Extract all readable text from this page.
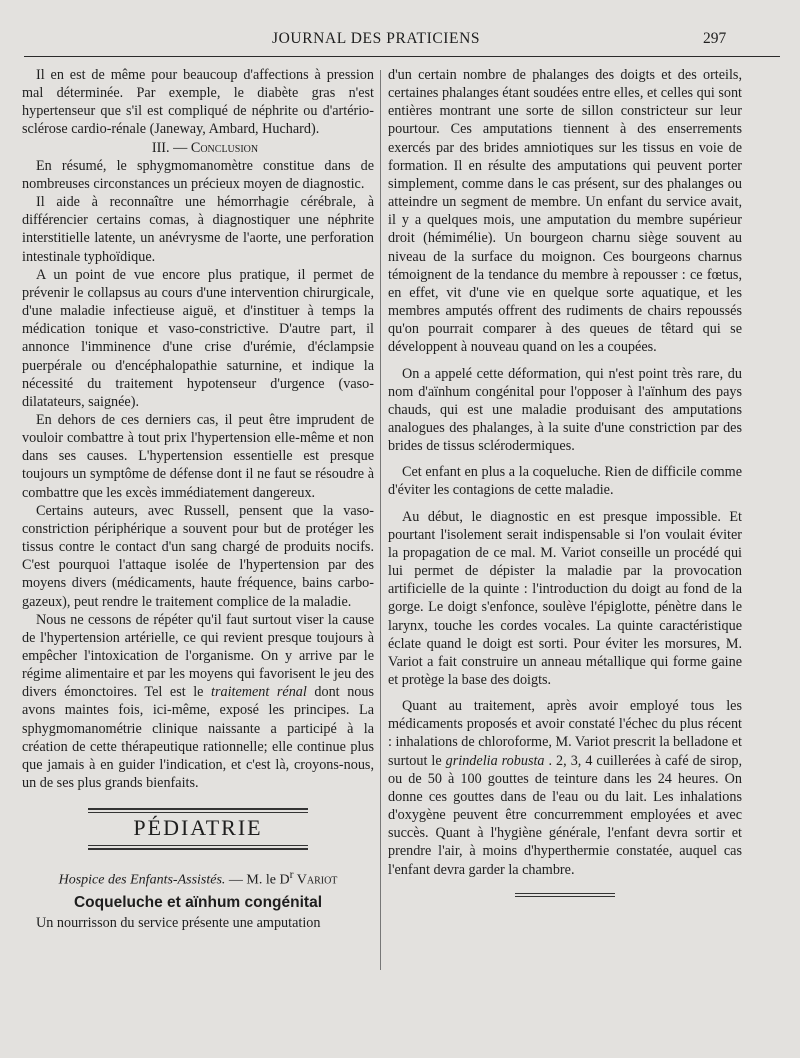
JOURNAL DES PRATICIENS	297

Il en est de même pour beaucoup d'affections à pression mal déterminée. Par exemple, le diabète gras n'est hypertenseur que s'il est compliqué de néphrite ou d'artério-sclérose cardio-rénale (Janeway, Ambard, Huchard).

III. — Conclusion

En résumé, le sphygmomanomètre constitue dans de nombreuses circonstances un précieux moyen de diagnostic.

Il aide à reconnaître une hémorrhagie cérébrale, à différencier certains comas, à diagnostiquer une néphrite interstitielle latente, un anévrysme de l'aorte, une perforation intestinale typhoïdique.

A un point de vue encore plus pratique, il permet de prévenir le collapsus au cours d'une intervention chirurgicale, d'une maladie infectieuse aiguë, et d'instituer à temps la médication tonique et vaso-constrictive. D'autre part, il annonce l'imminence d'une crise d'urémie, d'éclampsie puerpérale ou d'encéphalopathie saturnine, et indique la nécessité du traitement hypotenseur d'urgence (vaso-dilatateurs, saignée).

En dehors de ces derniers cas, il peut être imprudent de vouloir combattre à tout prix l'hypertension elle-même et non dans ses causes. L'hypertension essentielle est presque toujours un symptôme de défense dont il ne faut se résoudre à combattre que les excès immédiatement dangereux.

Certains auteurs, avec Russell, pensent que la vaso-constriction périphérique a souvent pour but de protéger les tissus contre le contact d'un sang chargé de produits nocifs. C'est pourquoi l'attaque isolée de l'hypertension par des moyens divers (médicaments, haute fréquence, bains carbo-gazeux), peut rendre le traitement complice de la maladie.

Nous ne cessons de répéter qu'il faut surtout viser la cause de l'hypertension artérielle, ce qui revient presque toujours à empêcher l'intoxication de l'organisme. On y arrive par le régime alimentaire et par les moyens qui favorisent le jeu des divers émonctoires. Tel est le traitement rénal dont nous avons maintes fois, ici-même, exposé les principes. La sphygmomanométrie clinique naissante a participé à la création de cette thérapeutique rationnelle; elle continue plus que jamais à en guider l'indication, et c'est là, croyons-nous, un de ses plus grands bienfaits.

PÉDIATRIE
Hospice des Enfants-Assistés. — M. le $D^r$ Variot
Coqueluche et aïnhum congénital

Un nourrisson du service présente une amputation

d'un certain nombre de phalanges des doigts et des orteils, certaines phalanges étant soudées entre elles, et celles qui sont entières montrant une sorte de sillon constricteur sur leur pourtour. Ces amputations tiennent à des enserrements exercés par des brides amniotiques sur les tissus en voie de formation. Il en résulte des amputations qui peuvent porter simplement, comme dans le cas présent, sur des phalanges ou atteindre un segment de membre. Un enfant du service avait, il y a quelques mois, une amputation du membre supérieur droit (hémimélie). Un bourgeon charnu siège souvent au niveau de la surface du moignon. Ces bourgeons charnus témoignent de la tendance du membre à repousser : ce fœtus, en effet, vit d'une vie en quelque sorte aquatique, et les membres amputés offrent des rudiments de chairs repoussés qu'on pourrait comparer à des queues de têtard qui se développent à nouveau quand on les a coupées.

On a appelé cette déformation, qui n'est point très rare, du nom d'aïnhum congénital pour l'opposer à l'aïnhum des pays chauds, qui est une maladie produisant des amputations analogues des phalanges, à la suite d'une constriction par des brides de tissus sclérodermiques.

Cet enfant en plus a la coqueluche. Rien de difficile comme d'éviter les contagions de cette maladie.

Au début, le diagnostic en est presque impossible. Et pourtant l'isolement serait indispensable si l'on voulait éviter la propagation de ce mal. M. Variot conseille un procédé qui lui permet de dépister la maladie par la provocation artificielle de la quinte : l'introduction du doigt au fond de la gorge. Le doigt s'enfonce, soulève l'épiglotte, pénètre dans le larynx, touche les cordes vocales. La quinte caractéristique éclate quand le doigt est sorti. Pour éviter les morsures, M. Variot a fait construire un anneau métallique qui forme gaine et protège la base des doigts.

Quant au traitement, après avoir employé tous les médicaments proposés et avoir constaté l'échec du plus récent : inhalations de chloroforme, M. Variot prescrit la belladone et surtout le grindelia robusta . 2, 3, 4 cuillerées à café de sirop, ou de 50 à 100 gouttes de teinture dans les 24 heures. On donne ces gouttes dans de l'eau ou du lait. Les inhalations d'oxygène peuvent être concurremment employées et avec succès. Quant à l'hygiène générale, l'enfant devra sortir et prendre l'air, à moins d'hyperthermie constatée, auquel cas l'enfant devra garder la chambre.
